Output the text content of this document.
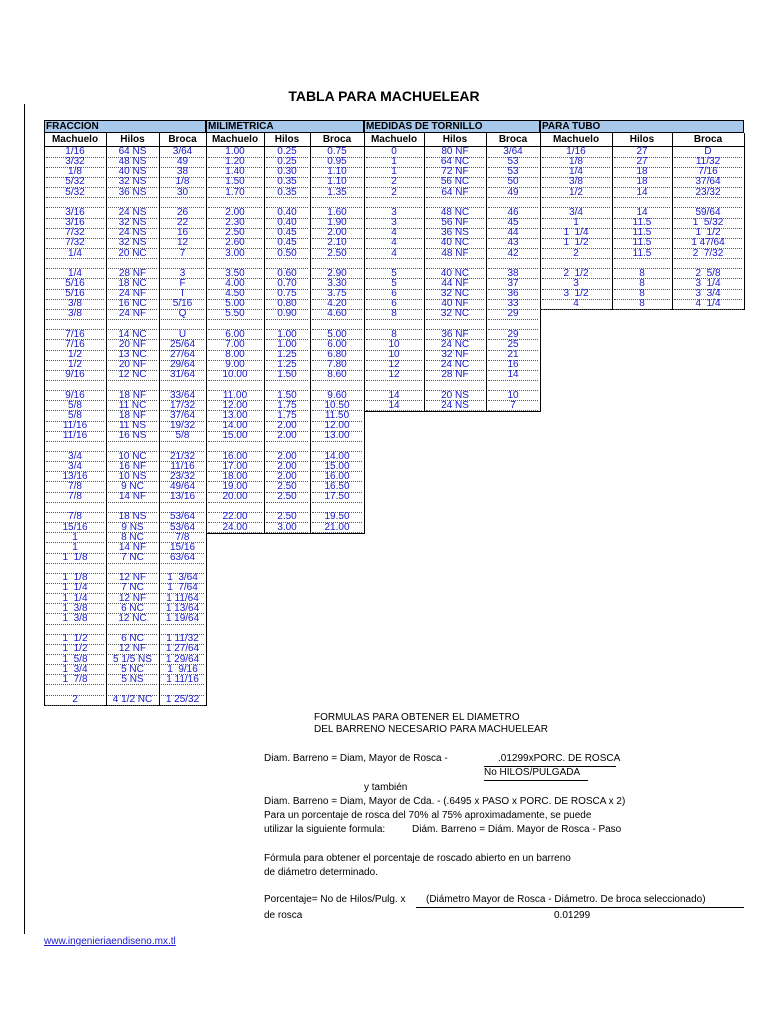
TABLA PARA MACHUELEAR
FRACCION
Machuelo	Hilos	Broca
1/16	64 NS	3/64
3/32	48 NS	49
1/8	40 NS	38
5/32	32 NS	1/8
5/32	36 NS	30
3/16	24 NS	26
3/16	32 NS	22
7/32	24 NS	16
7/32	32 NS	12
1/4	20 NC	7
1/4	28 NF	3
5/16	18 NC	F
5/16	24 NF	I
3/8	16 NC	5/16
3/8	24 NF	Q
7/16	14 NC	U
7/16	20 NF	25/64
1/2	13 NC	27/64
1/2	20 NF	29/64
9/16	12 NC	31/64
9/16	18 NF	33/64
5/8	11 NC	17/32
5/8	18 NF	37/64
11/16	11 NS	19/32
11/16	16 NS	5/8
3/4	10 NC	21/32
3/4	16 NF	11/16
13/16	10 NS	23/32
7/8	9 NC	49/64
7/8	14 NF	13/16
7/8	18 NS	53/64
15/16	9 NS	53/64
1	8 NC	7/8
1	14 NF	15/16
1  1/8	7 NC	63/64
1  1/8	12 NF	1  3/64
1  1/4	7 NC	1  7/64
1  1/4	12 NF	1 11/64
1  3/8	6 NC	1 13/64
1  3/8	12 NC	1 19/64
1  1/2	6 NC	1 11/32
1  1/2	12 NF	1 27/64
1  5/8	5 1/5 NS	1 29/64
1  3/4	5 NC	1  9/16
1  7/8	5 NS	1 11/16
2	4 1/2 NC	1 25/32
MILIMETRICA
Machuelo	Hilos	Broca
1.00	0.25	0.75
1.20	0.25	0.95
1.40	0.30	1.10
1.50	0.35	1.10
1.70	0.35	1.35
2.00	0.40	1.60
2.30	0.40	1.90
2.50	0.45	2.00
2.60	0.45	2.10
3.00	0.50	2.50
3.50	0.60	2.90
4.00	0.70	3.30
4.50	0.75	3.75
5.00	0.80	4.20
5.50	0.90	4.60
6.00	1.00	5.00
7.00	1.00	6.00
8.00	1.25	6.80
9.00	1.25	7.80
10.00	1.50	8.60
11.00	1.50	9.60
12.00	1.75	10.50
13.00	1.75	11.50
14.00	2.00	12.00
15.00	2.00	13.00
16.00	2.00	14.00
17.00	2.00	15.00
18.00	2.00	16.00
19.00	2.50	16.50
20.00	2.50	17.50
22.00	2.50	19.50
24.00	3.00	21.00
MEDIDAS DE TORNILLO
Machuelo	Hilos	Broca
0	80 NF	3/64
1	64 NC	53
1	72 NF	53
2	56 NC	50
2	64 NF	49
3	48 NC	46
3	56 NF	45
4	36 NS	44
4	40 NC	43
4	48 NF	42
5	40 NC	38
5	44 NF	37
6	32 NC	36
6	40 NF	33
8	32 NC	29
8	36 NF	29
10	24 NC	25
10	32 NF	21
12	24 NC	16
12	28 NF	14
14	20 NS	10
14	24 NS	7
PARA TUBO
Machuelo	Hilos	Broca
1/16	27	D
1/8	27	11/32
1/4	18	7/16
3/8	18	37/64
1/2	14	23/32
3/4	14	59/64
1	11.5	1  5/32
1  1/4	11.5	1  1/2
1  1/2	11.5	1 47/64
2	11.5	2  7/32
2  1/2	8	2  5/8
3	8	3  1/4
3  1/2	8	3  3/4
4	8	4  1/4
FORMULAS PARA OBTENER EL DIAMETRO
DEL BARRENO NECESARIO PARA MACHUELEAR
Diam. Barreno = Diam, Mayor de Rosca -	.01299xPORC. DE ROSCA
No HILOS/PULGADA
y también
Diam. Barreno = Diam, Mayor de Cda. - (.6495 x PASO x PORC. DE ROSCA x 2)
Para un porcentaje de rosca del 70% al 75% aproximadamente, se puede
utilizar la siguiente formula:	Diám. Barreno = Diám. Mayor de Rosca - Paso
Fórmula para obtener el porcentaje de roscado abierto en un barreno
de diámetro determinado.
Porcentaje= No de Hilos/Pulg. x (Diámetro Mayor de Rosca - Diámetro. De broca seleccionado)
de rosca	0.01299
www.ingenieriaendiseno.mx.tl
